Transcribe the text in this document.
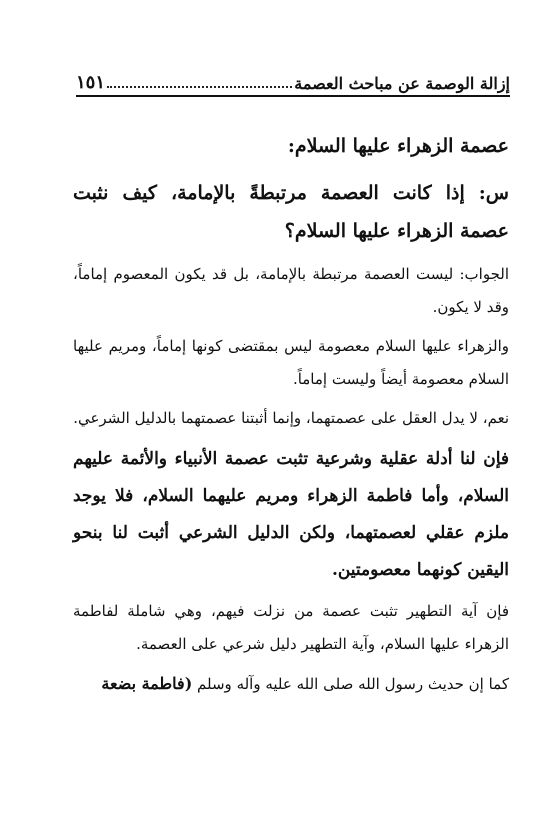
إزالة الوصمة عن مباحث العصمة
١٥١
عصمة الزهراء عليها السلام:
س: إذا كانت العصمة مرتبطةً بالإمامة، كيف نثبت عصمة الزهراء عليها السلام؟
الجواب: ليست العصمة مرتبطة بالإمامة، بل قد يكون المعصوم إماماً، وقد لا يكون.
والزهراء عليها السلام معصومة ليس بمقتضى كونها إماماً، ومريم عليها السلام معصومة أيضاً وليست إماماً.
نعم، لا يدل العقل على عصمتهما، وإنما أثبتنا عصمتهما بالدليل الشرعي.
فإن لنا أدلة عقلية وشرعية تثبت عصمة الأنبياء والأئمة عليهم السلام، وأما فاطمة الزهراء ومريم عليهما السلام، فلا يوجد ملزم عقلي لعصمتهما، ولكن الدليل الشرعي أثبت لنا بنحو اليقين كونهما معصومتين.
فإن آية التطهير تثبت عصمة من نزلت فيهم، وهي شاملة لفاطمة الزهراء عليها السلام، وآية التطهير دليل شرعي على العصمة.
كما إن حديث رسول الله صلى الله عليه وآله وسلم (فاطمة بضعة
